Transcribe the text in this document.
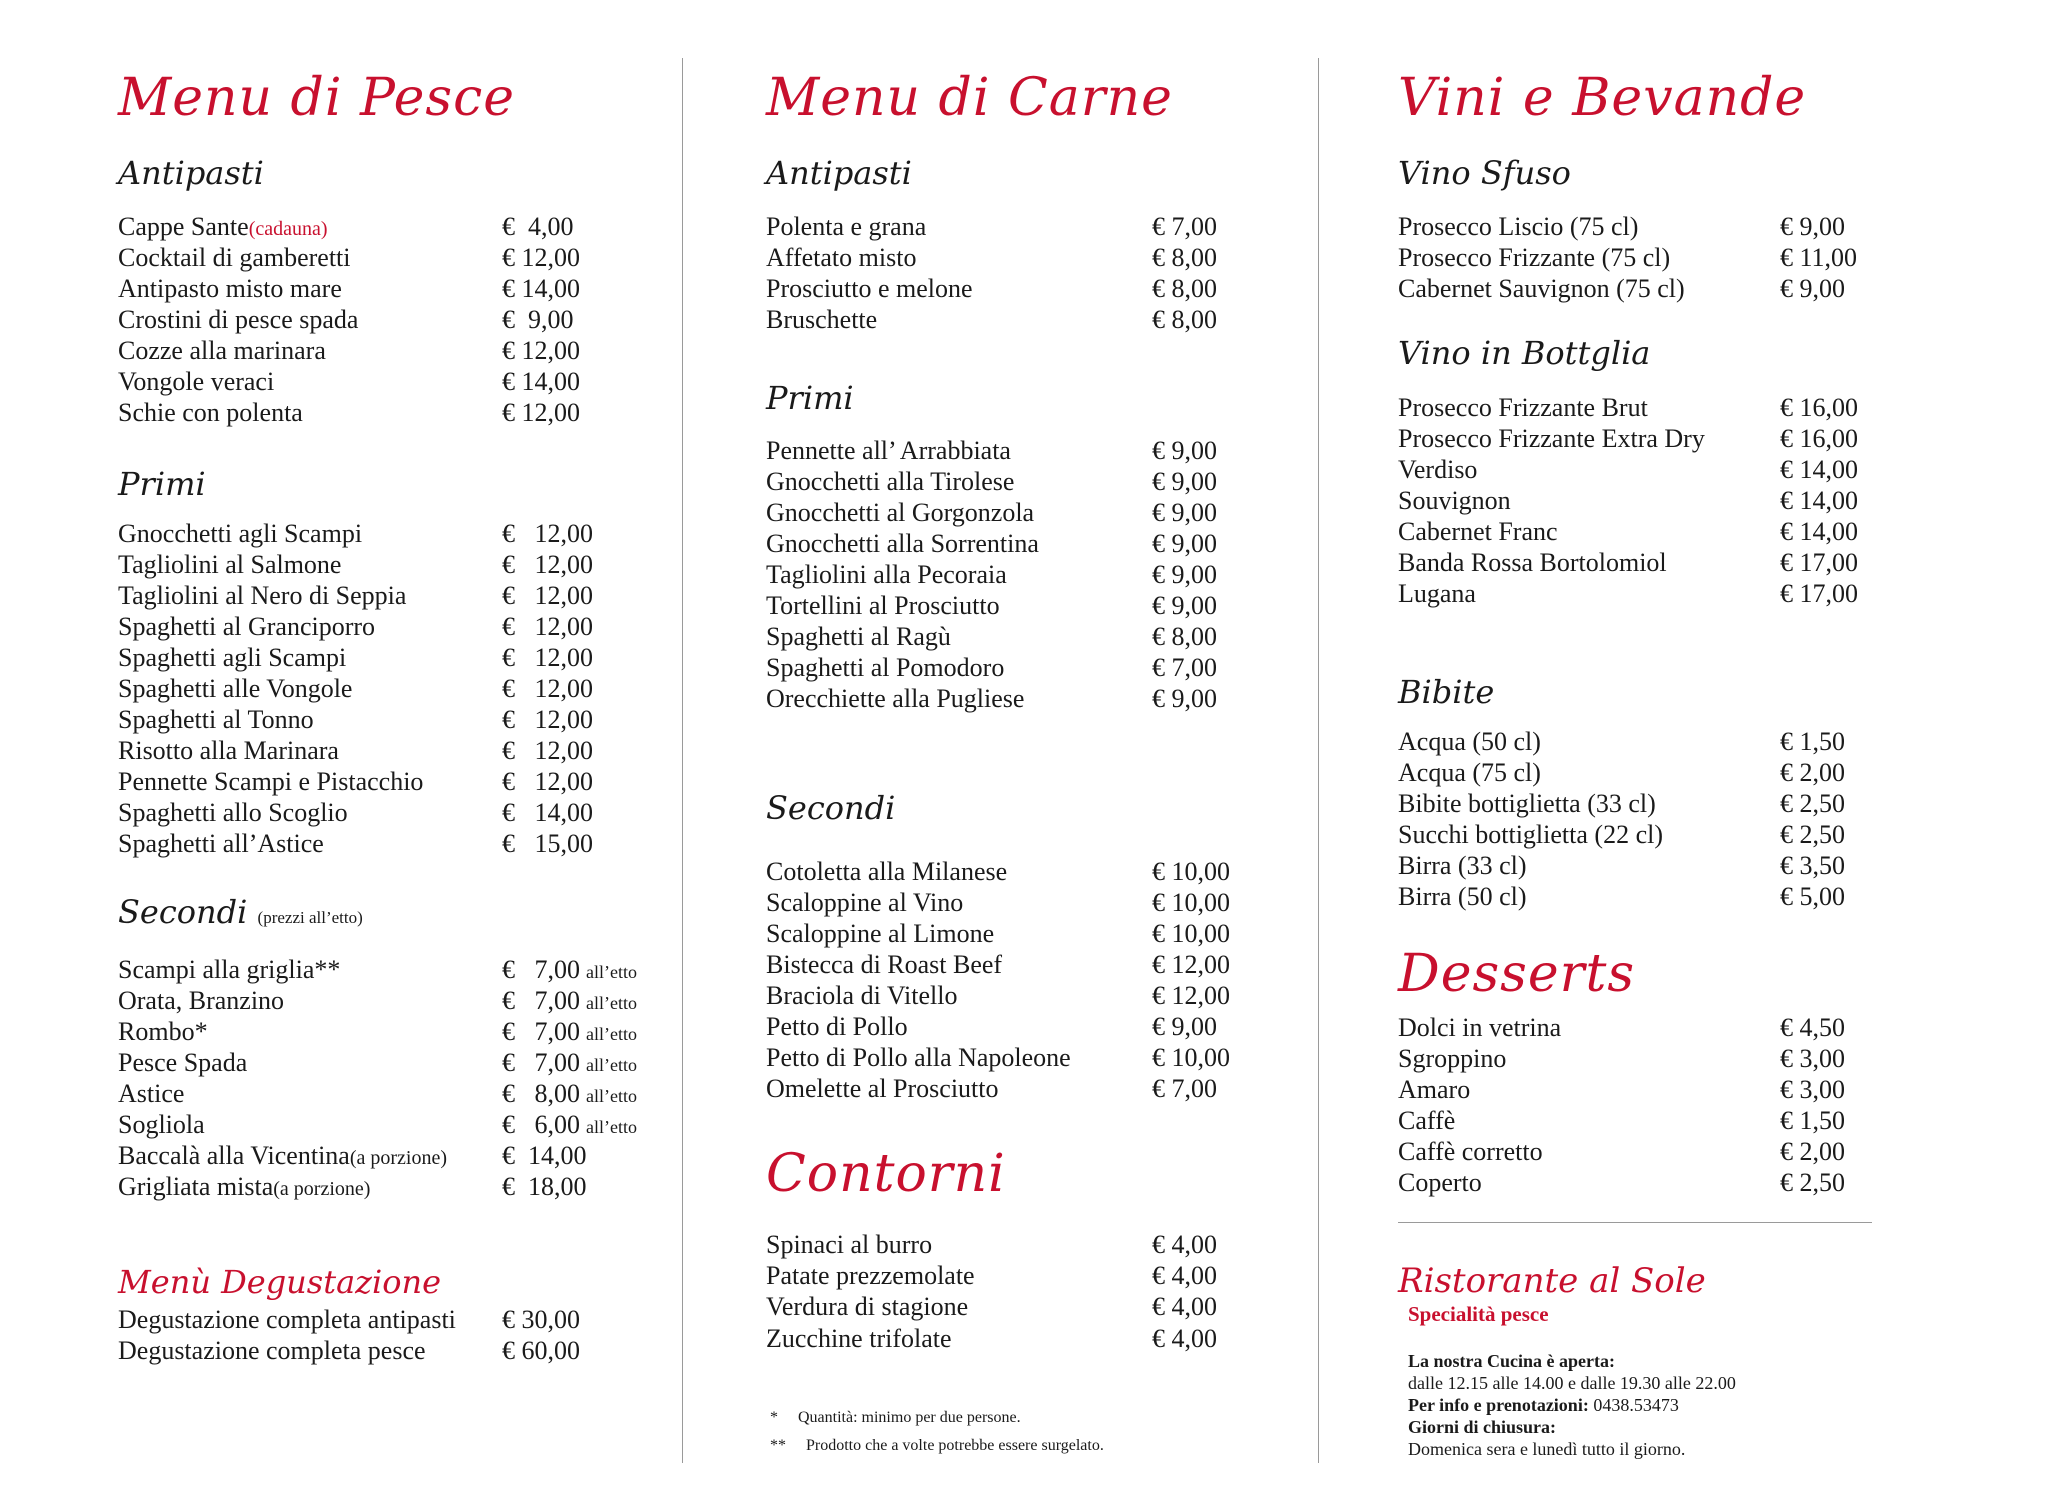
Menu di Pesce
Antipasti
Cappe Sante(cadauna)	€  4,00
Cocktail di gamberetti	€ 12,00
Antipasto misto mare	€ 14,00
Crostini di pesce spada	€  9,00
Cozze alla marinara	€ 12,00
Vongole veraci	€ 14,00
Schie con polenta	€ 12,00
Primi
Gnocchetti agli Scampi	€   12,00
Tagliolini al Salmone	€   12,00
Tagliolini al Nero di Seppia	€   12,00
Spaghetti al Granciporro	€   12,00
Spaghetti agli Scampi	€   12,00
Spaghetti alle Vongole	€   12,00
Spaghetti al Tonno	€   12,00
Risotto alla Marinara	€   12,00
Pennette Scampi e Pistacchio	€   12,00
Spaghetti allo Scoglio	€   14,00
Spaghetti all’Astice	€   15,00
Secondi (prezzi all’etto)
Scampi alla griglia**	€   7,00 all’etto
Orata, Branzino	€   7,00 all’etto
Rombo*	€   7,00 all’etto
Pesce Spada	€   7,00 all’etto
Astice	€   8,00 all’etto
Sogliola	€   6,00 all’etto
Baccalà alla Vicentina(a porzione) €  14,00
Grigliata mista(a porzione)	€  18,00
Menù Degustazione
Degustazione completa antipasti € 30,00
Degustazione completa pesce	€ 60,00
Menu di Carne
Antipasti
Polenta e grana	€ 7,00
Affetato misto	€ 8,00
Prosciutto e melone	€ 8,00
Bruschette	€ 8,00
Primi
Pennette all’ Arrabbiata	€ 9,00
Gnocchetti alla Tirolese	€ 9,00
Gnocchetti al Gorgonzola	€ 9,00
Gnocchetti alla Sorrentina	€ 9,00
Tagliolini alla Pecoraia	€ 9,00
Tortellini al Prosciutto	€ 9,00
Spaghetti al Ragù	€ 8,00
Spaghetti al Pomodoro	€ 7,00
Orecchiette alla Pugliese	€ 9,00
Secondi
Cotoletta alla Milanese	€ 10,00
Scaloppine al Vino	€ 10,00
Scaloppine al Limone	€ 10,00
Bistecca di Roast Beef	€ 12,00
Braciola di Vitello	€ 12,00
Petto di Pollo	€ 9,00
Petto di Pollo alla Napoleone	€ 10,00
Omelette al Prosciutto	€ 7,00
Contorni
Spinaci al burro	€ 4,00
Patate prezzemolate	€ 4,00
Verdura di stagione	€ 4,00
Zucchine trifolate	€ 4,00
* Quantità: minimo per due persone.
** Prodotto che a volte potrebbe essere surgelato.
Vini e Bevande
Vino Sfuso
Prosecco Liscio (75 cl)	€ 9,00
Prosecco Frizzante (75 cl)	€ 11,00
Cabernet Sauvignon (75 cl)	€ 9,00
Vino in Bottglia
Prosecco Frizzante Brut	€ 16,00
Prosecco Frizzante Extra Dry	€ 16,00
Verdiso	€ 14,00
Souvignon	€ 14,00
Cabernet Franc	€ 14,00
Banda Rossa Bortolomiol	€ 17,00
Lugana	€ 17,00
Bibite
Acqua (50 cl)	€ 1,50
Acqua (75 cl)	€ 2,00
Bibite bottiglietta (33 cl)	€ 2,50
Succhi bottiglietta (22 cl)	€ 2,50
Birra (33 cl)	€ 3,50
Birra (50 cl)	€ 5,00
Desserts
Dolci in vetrina	€ 4,50
Sgroppino	€ 3,00
Amaro	€ 3,00
Caffè	€ 1,50
Caffè corretto	€ 2,00
Coperto	€ 2,50
Ristorante al Sole
Specialità pesce
La nostra Cucina è aperta:
dalle 12.15 alle 14.00 e dalle 19.30 alle 22.00
Per info e prenotazioni: 0438.53473
Giorni di chiusura:
Domenica sera e lunedì tutto il giorno.
